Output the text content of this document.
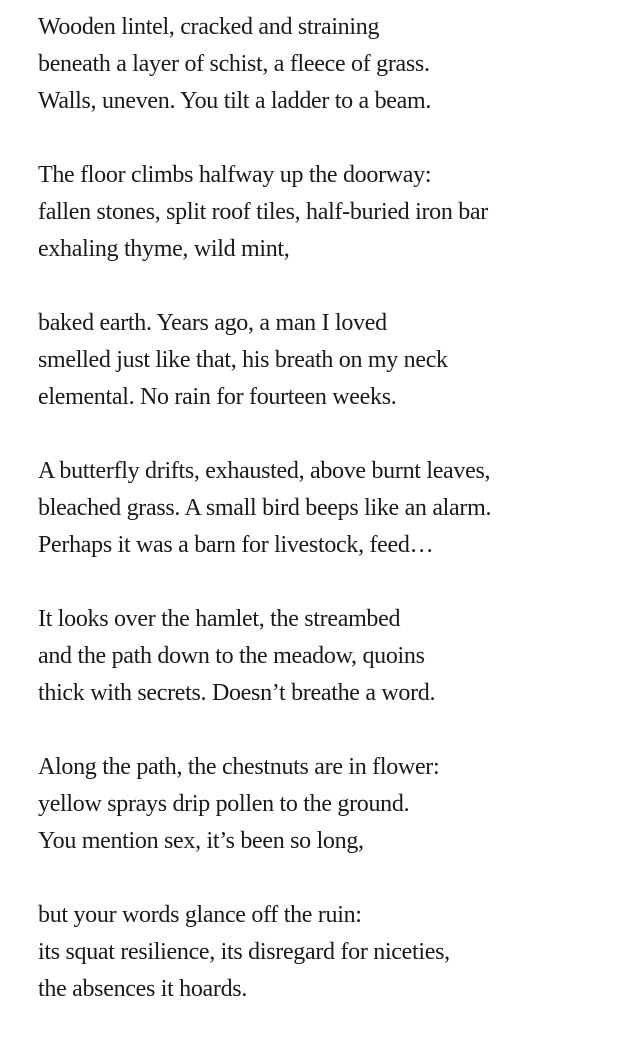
Wooden lintel, cracked and straining
beneath a layer of schist, a fleece of grass.
Walls, uneven. You tilt a ladder to a beam.
The floor climbs halfway up the doorway:
fallen stones, split roof tiles, half-buried iron bar
exhaling thyme, wild mint,
baked earth. Years ago, a man I loved
smelled just like that, his breath on my neck
elemental. No rain for fourteen weeks.
A butterfly drifts, exhausted, above burnt leaves,
bleached grass. A small bird beeps like an alarm.
Perhaps it was a barn for livestock, feed…
It looks over the hamlet, the streambed
and the path down to the meadow, quoins
thick with secrets. Doesn’t breathe a word.
Along the path, the chestnuts are in flower:
yellow sprays drip pollen to the ground.
You mention sex, it’s been so long,
but your words glance off the ruin:
its squat resilience, its disregard for niceties,
the absences it hoards.
